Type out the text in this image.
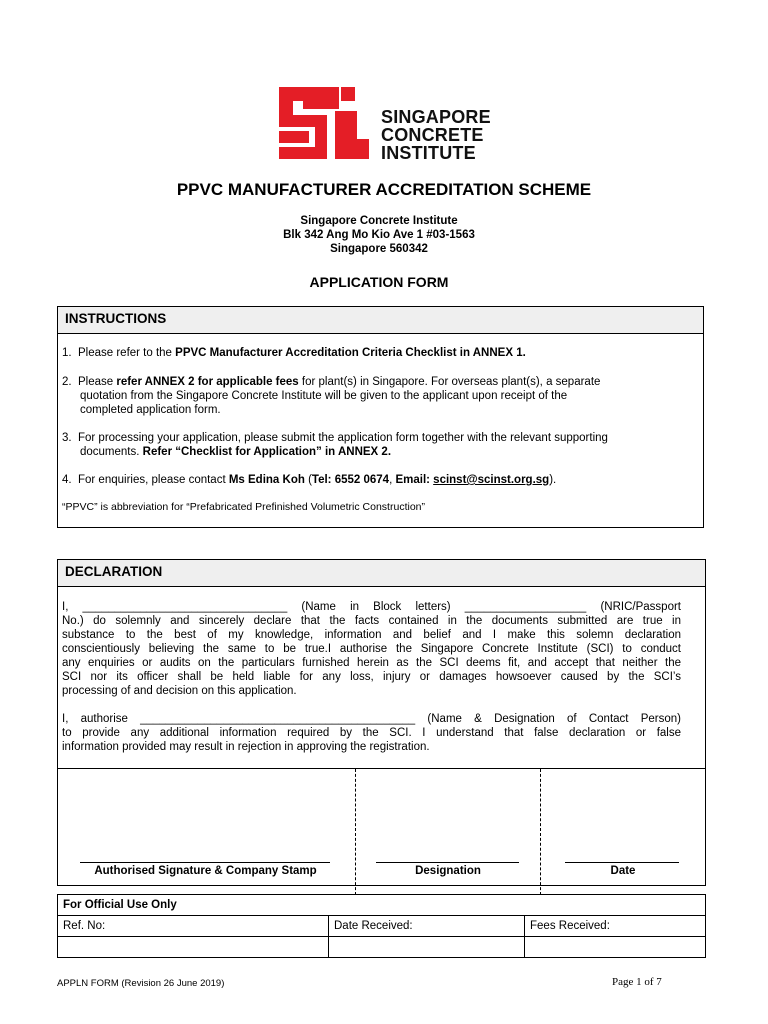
SINGAPORE
CONCRETE
INSTITUTE
PPVC MANUFACTURER ACCREDITATION SCHEME
Singapore Concrete Institute
Blk 342 Ang Mo Kio Ave 1 #03-1563
Singapore 560342
APPLICATION FORM
INSTRUCTIONS
1. Please refer to the PPVC Manufacturer Accreditation Criteria Checklist in ANNEX 1.
2. Please refer ANNEX 2 for applicable fees for plant(s) in Singapore. For overseas plant(s), a separate
quotation from the Singapore Concrete Institute will be given to the applicant upon receipt of the
completed application form.
3. For processing your application, please submit the application form together with the relevant supporting
documents. Refer “Checklist for Application” in ANNEX 2.
4. For enquiries, please contact Ms Edina Koh (Tel: 6552 0674, Email: scinst@scinst.org.sg).
“PPVC” is abbreviation for “Prefabricated Prefinished Volumetric Construction”
DECLARATION
I, ________________________________ (Name in Block letters) ___________________ (NRIC/Passport
No.) do solemnly and sincerely declare that the facts contained in the documents submitted are true in
substance to the best of my knowledge, information and belief and I make this solemn declaration
conscientiously believing the same to be true.I authorise the Singapore Concrete Institute (SCI) to conduct
any enquiries or audits on the particulars furnished herein as the SCI deems fit, and accept that neither the
SCI nor its officer shall be held liable for any loss, injury or damages howsoever caused by the SCI’s
processing of and decision on this application.
I, authorise ___________________________________________ (Name & Designation of Contact Person)
to provide any additional information required by the SCI. I understand that false declaration or false
information provided may result in rejection in approving the registration.
Authorised Signature & Company Stamp	Designation	Date
For Official Use Only		
Ref. No:	Date Received:	Fees Received:

APPLN FORM (Revision 26 June 2019)	Page 1 of 7
